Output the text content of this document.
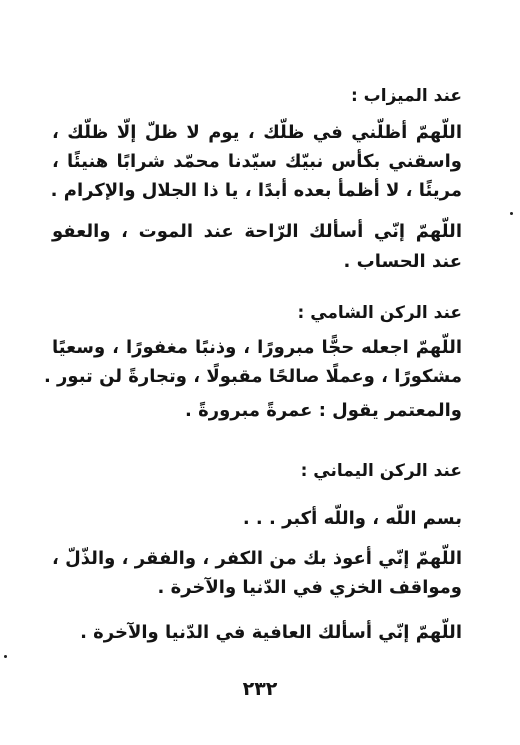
عند الميزاب :
اللّهمّ أظلّني في ظلّك ، يوم لا ظلّ إلّا ظلّك ،
واسقني بكأس نبيّك سيّدنا محمّد شرابًا هنيئًا ،
مريئًا ، لا أظمأ بعده أبدًا ، يا ذا الجلال والإكرام .
اللّهمّ إنّي أسألك الرّاحة عند الموت ، والعفو
عند الحساب .
عند الركن الشامي :
اللّهمّ اجعله حجًّا مبرورًا ، وذنبًا مغفورًا ، وسعيًا
مشكورًا ، وعملًا صالحًا مقبولًا ، وتجارةً لن تبور .
والمعتمر يقول : عمرةً مبرورةً .
عند الركن اليماني :
بسم اللّه ، واللّه أكبر . . .
اللّهمّ إنّي أعوذ بك من الكفر ، والفقر ، والذّلّ ،
ومواقف الخزي في الدّنيا والآخرة .
اللّهمّ إنّي أسألك العافية في الدّنيا والآخرة .
٢٣٢
